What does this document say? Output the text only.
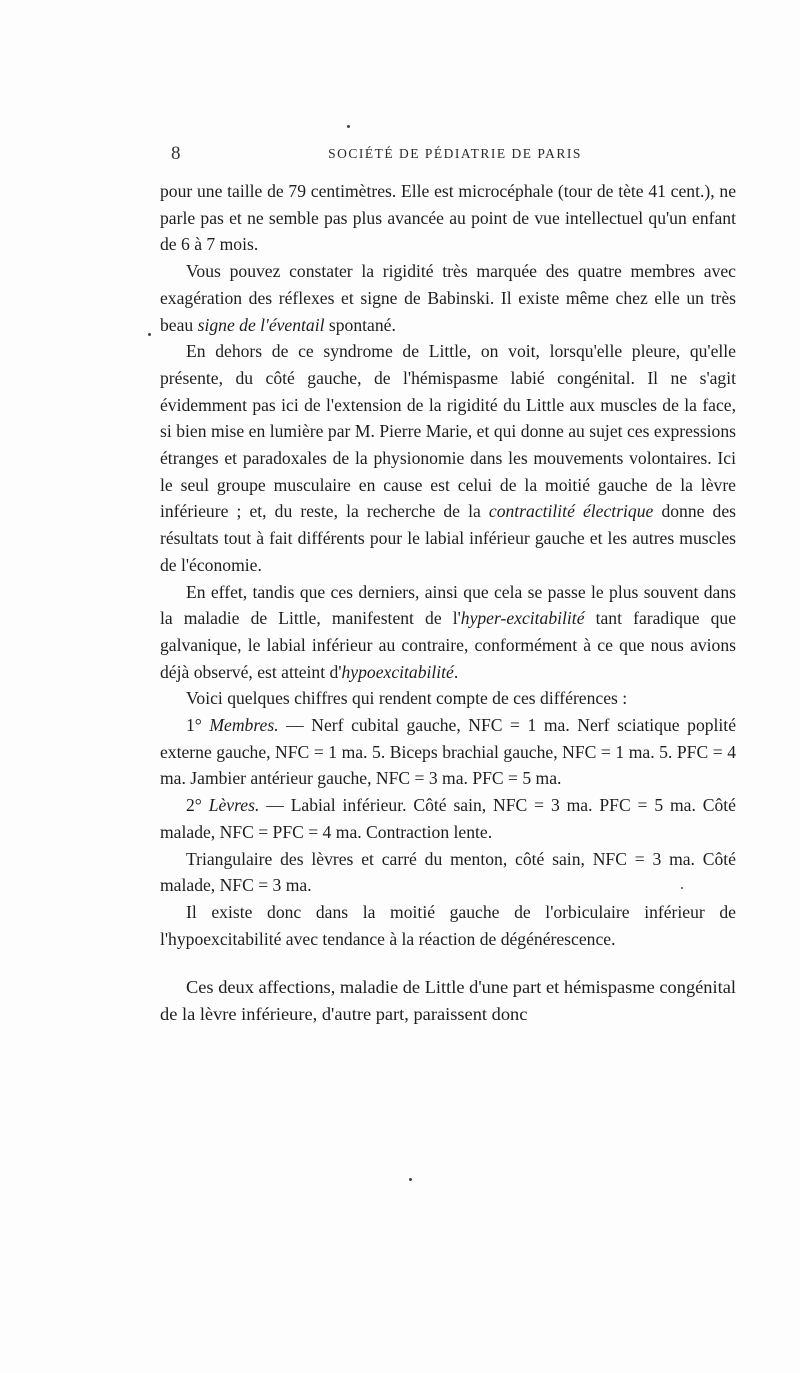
8	SOCIÉTÉ DE PÉDIATRIE DE PARIS

pour une taille de 79 centimètres. Elle est microcéphale (tour de tète 41 cent.), ne parle pas et ne semble pas plus avancée au point de vue intellectuel qu'un enfant de 6 à 7 mois.

Vous pouvez constater la rigidité très marquée des quatre membres avec exagération des réflexes et signe de Babinski. Il existe même chez elle un très beau signe de l'éventail spontané.

En dehors de ce syndrome de Little, on voit, lorsqu'elle pleure, qu'elle présente, du côté gauche, de l'hémispasme labié congénital. Il ne s'agit évidemment pas ici de l'extension de la rigidité du Little aux muscles de la face, si bien mise en lumière par M. Pierre Marie, et qui donne au sujet ces expressions étranges et paradoxales de la physionomie dans les mouvements volontaires. Ici le seul groupe musculaire en cause est celui de la moitié gauche de la lèvre inférieure ; et, du reste, la recherche de la contractilité électrique donne des résultats tout à fait différents pour le labial inférieur gauche et les autres muscles de l'économie.

En effet, tandis que ces derniers, ainsi que cela se passe le plus souvent dans la maladie de Little, manifestent de l'hyper-excitabilité tant faradique que galvanique, le labial inférieur au contraire, conformément à ce que nous avions déjà observé, est atteint d'hypoexcitabilité.

Voici quelques chiffres qui rendent compte de ces différences :

1° Membres. — Nerf cubital gauche, NFC = 1 ma. Nerf sciatique poplité externe gauche, NFC = 1 ma. 5. Biceps brachial gauche, NFC = 1 ma. 5. PFC = 4 ma. Jambier antérieur gauche, NFC = 3 ma. PFC = 5 ma.

2° Lèvres. — Labial inférieur. Côté sain, NFC = 3 ma. PFC = 5 ma. Côté malade, NFC = PFC = 4 ma. Contraction lente.

Triangulaire des lèvres et carré du menton, côté sain, NFC = 3 ma. Côté malade, NFC = 3 ma.

Il existe donc dans la moitié gauche de l'orbiculaire inférieur de l'hypoexcitabilité avec tendance à la réaction de dégénérescence.

Ces deux affections, maladie de Little d'une part et hémispasme congénital de la lèvre inférieure, d'autre part, paraissent donc
